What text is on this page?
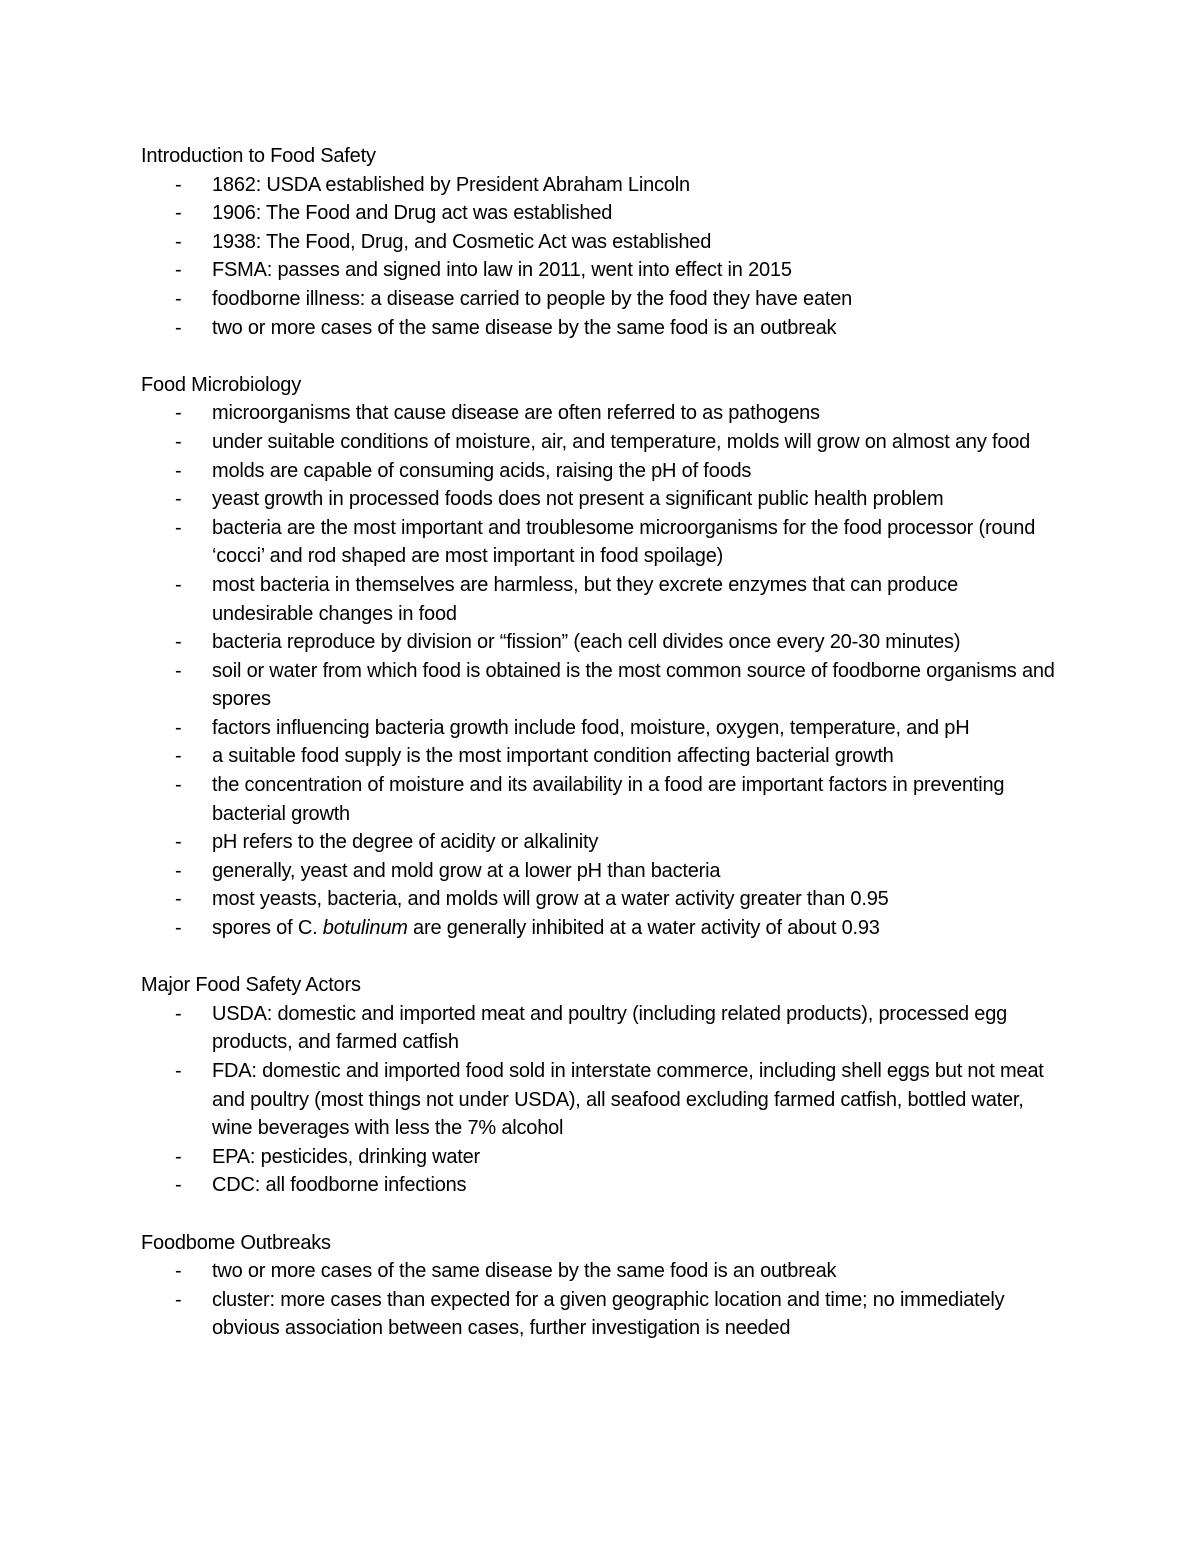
Introduction to Food Safety
- 1862: USDA established by President Abraham Lincoln
- 1906: The Food and Drug act was established
- 1938: The Food, Drug, and Cosmetic Act was established
- FSMA: passes and signed into law in 2011, went into effect in 2015
- foodborne illness: a disease carried to people by the food they have eaten
- two or more cases of the same disease by the same food is an outbreak
Food Microbiology
- microorganisms that cause disease are often referred to as pathogens
- under suitable conditions of moisture, air, and temperature, molds will grow on almost any food
- molds are capable of consuming acids, raising the pH of foods
- yeast growth in processed foods does not present a significant public health problem
- bacteria are the most important and troublesome microorganisms for the food processor (round ‘cocci’ and rod shaped are most important in food spoilage)
- most bacteria in themselves are harmless, but they excrete enzymes that can produce undesirable changes in food
- bacteria reproduce by division or “fission” (each cell divides once every 20-30 minutes)
- soil or water from which food is obtained is the most common source of foodborne organisms and spores
- factors influencing bacteria growth include food, moisture, oxygen, temperature, and pH
- a suitable food supply is the most important condition affecting bacterial growth
- the concentration of moisture and its availability in a food are important factors in preventing bacterial growth
- pH refers to the degree of acidity or alkalinity
- generally, yeast and mold grow at a lower pH than bacteria
- most yeasts, bacteria, and molds will grow at a water activity greater than 0.95
- spores of C. botulinum are generally inhibited at a water activity of about 0.93
Major Food Safety Actors
- USDA: domestic and imported meat and poultry (including related products), processed egg products, and farmed catfish
- FDA: domestic and imported food sold in interstate commerce, including shell eggs but not meat and poultry (most things not under USDA), all seafood excluding farmed catfish, bottled water, wine beverages with less the 7% alcohol
- EPA: pesticides, drinking water
- CDC: all foodborne infections
Foodbome Outbreaks
- two or more cases of the same disease by the same food is an outbreak
- cluster: more cases than expected for a given geographic location and time; no immediately obvious association between cases, further investigation is needed
